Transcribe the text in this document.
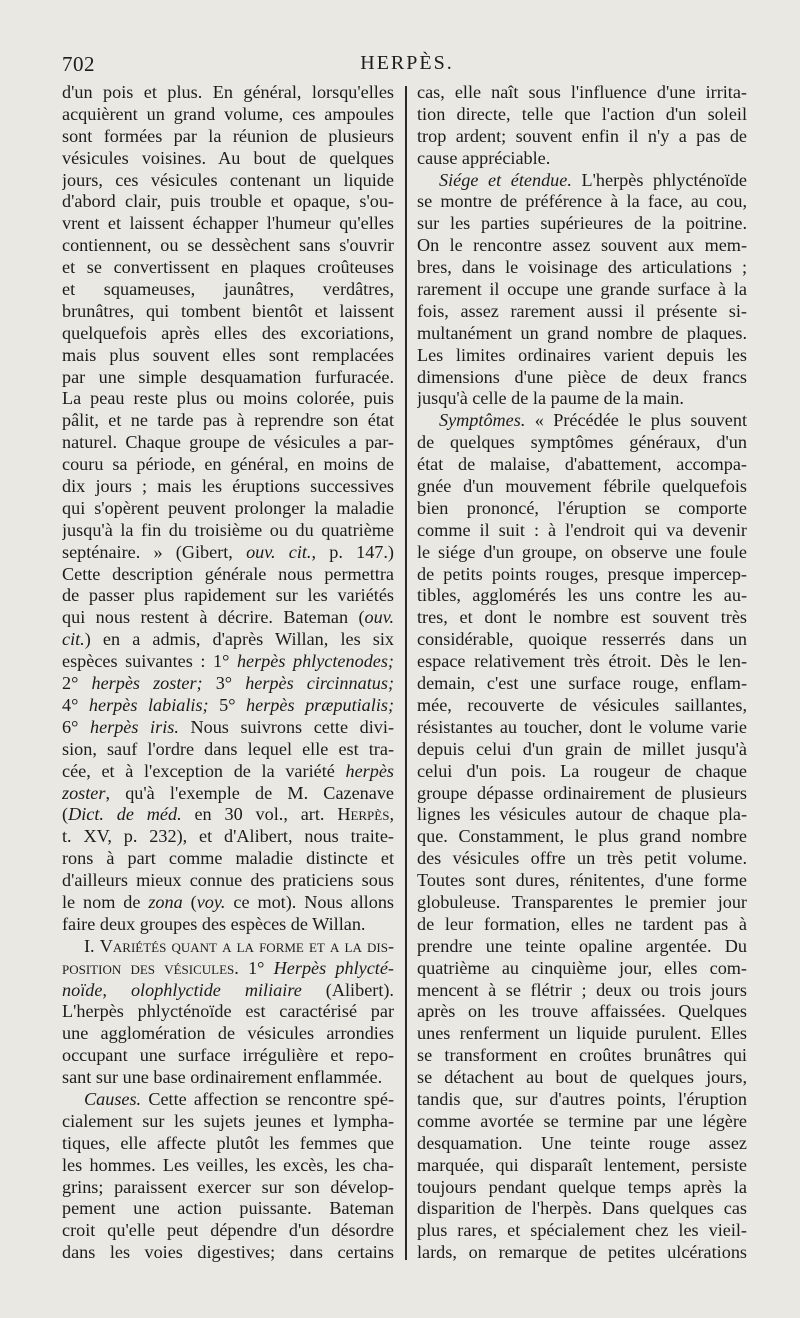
702	HERPÈS.
d'un pois et plus. En général, lorsqu'elles
acquièrent un grand volume, ces ampoules
sont formées par la réunion de plusieurs
vésicules voisines. Au bout de quelques
jours, ces vésicules contenant un liquide
d'abord clair, puis trouble et opaque, s'ou-
vrent et laissent échapper l'humeur qu'elles
contiennent, ou se dessèchent sans s'ouvrir
et se convertissent en plaques croûteuses
et squameuses, jaunâtres, verdâtres,
brunâtres, qui tombent bientôt et laissent
quelquefois après elles des excoriations,
mais plus souvent elles sont remplacées
par une simple desquamation furfuracée.
La peau reste plus ou moins colorée, puis
pâlit, et ne tarde pas à reprendre son état
naturel. Chaque groupe de vésicules a par-
couru sa période, en général, en moins de
dix jours ; mais les éruptions successives
qui s'opèrent peuvent prolonger la maladie
jusqu'à la fin du troisième ou du quatrième
septénaire. » (Gibert, ouv. cit., p. 147.)
Cette description générale nous permettra
de passer plus rapidement sur les variétés
qui nous restent à décrire. Bateman (ouv.
cit.) en a admis, d'après Willan, les six
espèces suivantes : 1° herpès phlyctenodes;
2° herpès zoster; 3° herpès circinnatus;
4° herpès labialis; 5° herpès præputialis;
6° herpès iris. Nous suivrons cette divi-
sion, sauf l'ordre dans lequel elle est tra-
cée, et à l'exception de la variété herpès
zoster, qu'à l'exemple de M. Cazenave
(Dict. de méd. en 30 vol., art. Herpès,
t. XV, p. 232), et d'Alibert, nous traite-
rons à part comme maladie distincte et
d'ailleurs mieux connue des praticiens sous
le nom de zona (voy. ce mot). Nous allons
faire deux groupes des espèces de Willan.
I. Variétés quant a la forme et a la dis-
position des vésicules. 1° Herpès phlycté-
noïde, olophlyctide miliaire (Alibert).
L'herpès phlycténoïde est caractérisé par
une agglomération de vésicules arrondies
occupant une surface irrégulière et repo-
sant sur une base ordinairement enflammée.
Causes. Cette affection se rencontre spé-
cialement sur les sujets jeunes et lympha-
tiques, elle affecte plutôt les femmes que
les hommes. Les veilles, les excès, les cha-
grins; paraissent exercer sur son dévelop-
pement une action puissante. Bateman
croit qu'elle peut dépendre d'un désordre
dans les voies digestives; dans certains
cas, elle naît sous l'influence d'une irrita-
tion directe, telle que l'action d'un soleil
trop ardent; souvent enfin il n'y a pas de
cause appréciable.
Siége et étendue. L'herpès phlycténoïde
se montre de préférence à la face, au cou,
sur les parties supérieures de la poitrine.
On le rencontre assez souvent aux mem-
bres, dans le voisinage des articulations ;
rarement il occupe une grande surface à la
fois, assez rarement aussi il présente si-
multanément un grand nombre de plaques.
Les limites ordinaires varient depuis les
dimensions d'une pièce de deux francs
jusqu'à celle de la paume de la main.
Symptômes. « Précédée le plus souvent
de quelques symptômes généraux, d'un
état de malaise, d'abattement, accompa-
gnée d'un mouvement fébrile quelquefois
bien prononcé, l'éruption se comporte
comme il suit : à l'endroit qui va devenir
le siége d'un groupe, on observe une foule
de petits points rouges, presque impercep-
tibles, agglomérés les uns contre les au-
tres, et dont le nombre est souvent très
considérable, quoique resserrés dans un
espace relativement très étroit. Dès le len-
demain, c'est une surface rouge, enflam-
mée, recouverte de vésicules saillantes,
résistantes au toucher, dont le volume varie
depuis celui d'un grain de millet jusqu'à
celui d'un pois. La rougeur de chaque
groupe dépasse ordinairement de plusieurs
lignes les vésicules autour de chaque pla-
que. Constamment, le plus grand nombre
des vésicules offre un très petit volume.
Toutes sont dures, rénitentes, d'une forme
globuleuse. Transparentes le premier jour
de leur formation, elles ne tardent pas à
prendre une teinte opaline argentée. Du
quatrième au cinquième jour, elles com-
mencent à se flétrir ; deux ou trois jours
après on les trouve affaissées. Quelques
unes renferment un liquide purulent. Elles
se transforment en croûtes brunâtres qui
se détachent au bout de quelques jours,
tandis que, sur d'autres points, l'éruption
comme avortée se termine par une légère
desquamation. Une teinte rouge assez
marquée, qui disparaît lentement, persiste
toujours pendant quelque temps après la
disparition de l'herpès. Dans quelques cas
plus rares, et spécialement chez les vieil-
lards, on remarque de petites ulcérations
